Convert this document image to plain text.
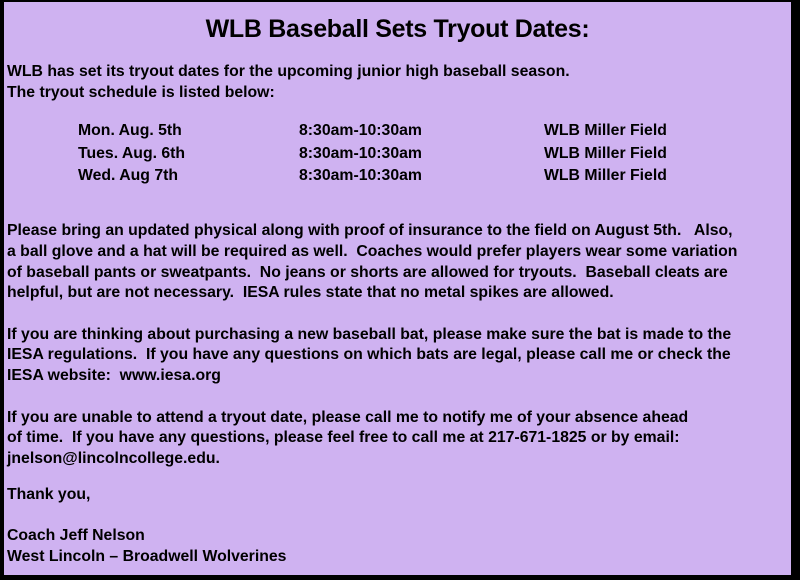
WLB Baseball Sets Tryout Dates:
WLB has set its tryout dates for the upcoming junior high baseball season.
The tryout schedule is listed below:
Mon. Aug. 5th	8:30am-10:30am	WLB Miller Field
Tues. Aug. 6th	8:30am-10:30am	WLB Miller Field
Wed. Aug 7th	8:30am-10:30am	WLB Miller Field
Please bring an updated physical along with proof of insurance to the field on August 5th.   Also,
a ball glove and a hat will be required as well.  Coaches would prefer players wear some variation
of baseball pants or sweatpants.  No jeans or shorts are allowed for tryouts.  Baseball cleats are
helpful, but are not necessary.  IESA rules state that no metal spikes are allowed.
If you are thinking about purchasing a new baseball bat, please make sure the bat is made to the
IESA regulations.  If you have any questions on which bats are legal, please call me or check the
IESA website:  www.iesa.org
If you are unable to attend a tryout date, please call me to notify me of your absence ahead
of time.  If you have any questions, please feel free to call me at 217-671-1825 or by email:
jnelson@lincolncollege.edu.
Thank you,
Coach Jeff Nelson
West Lincoln – Broadwell Wolverines
